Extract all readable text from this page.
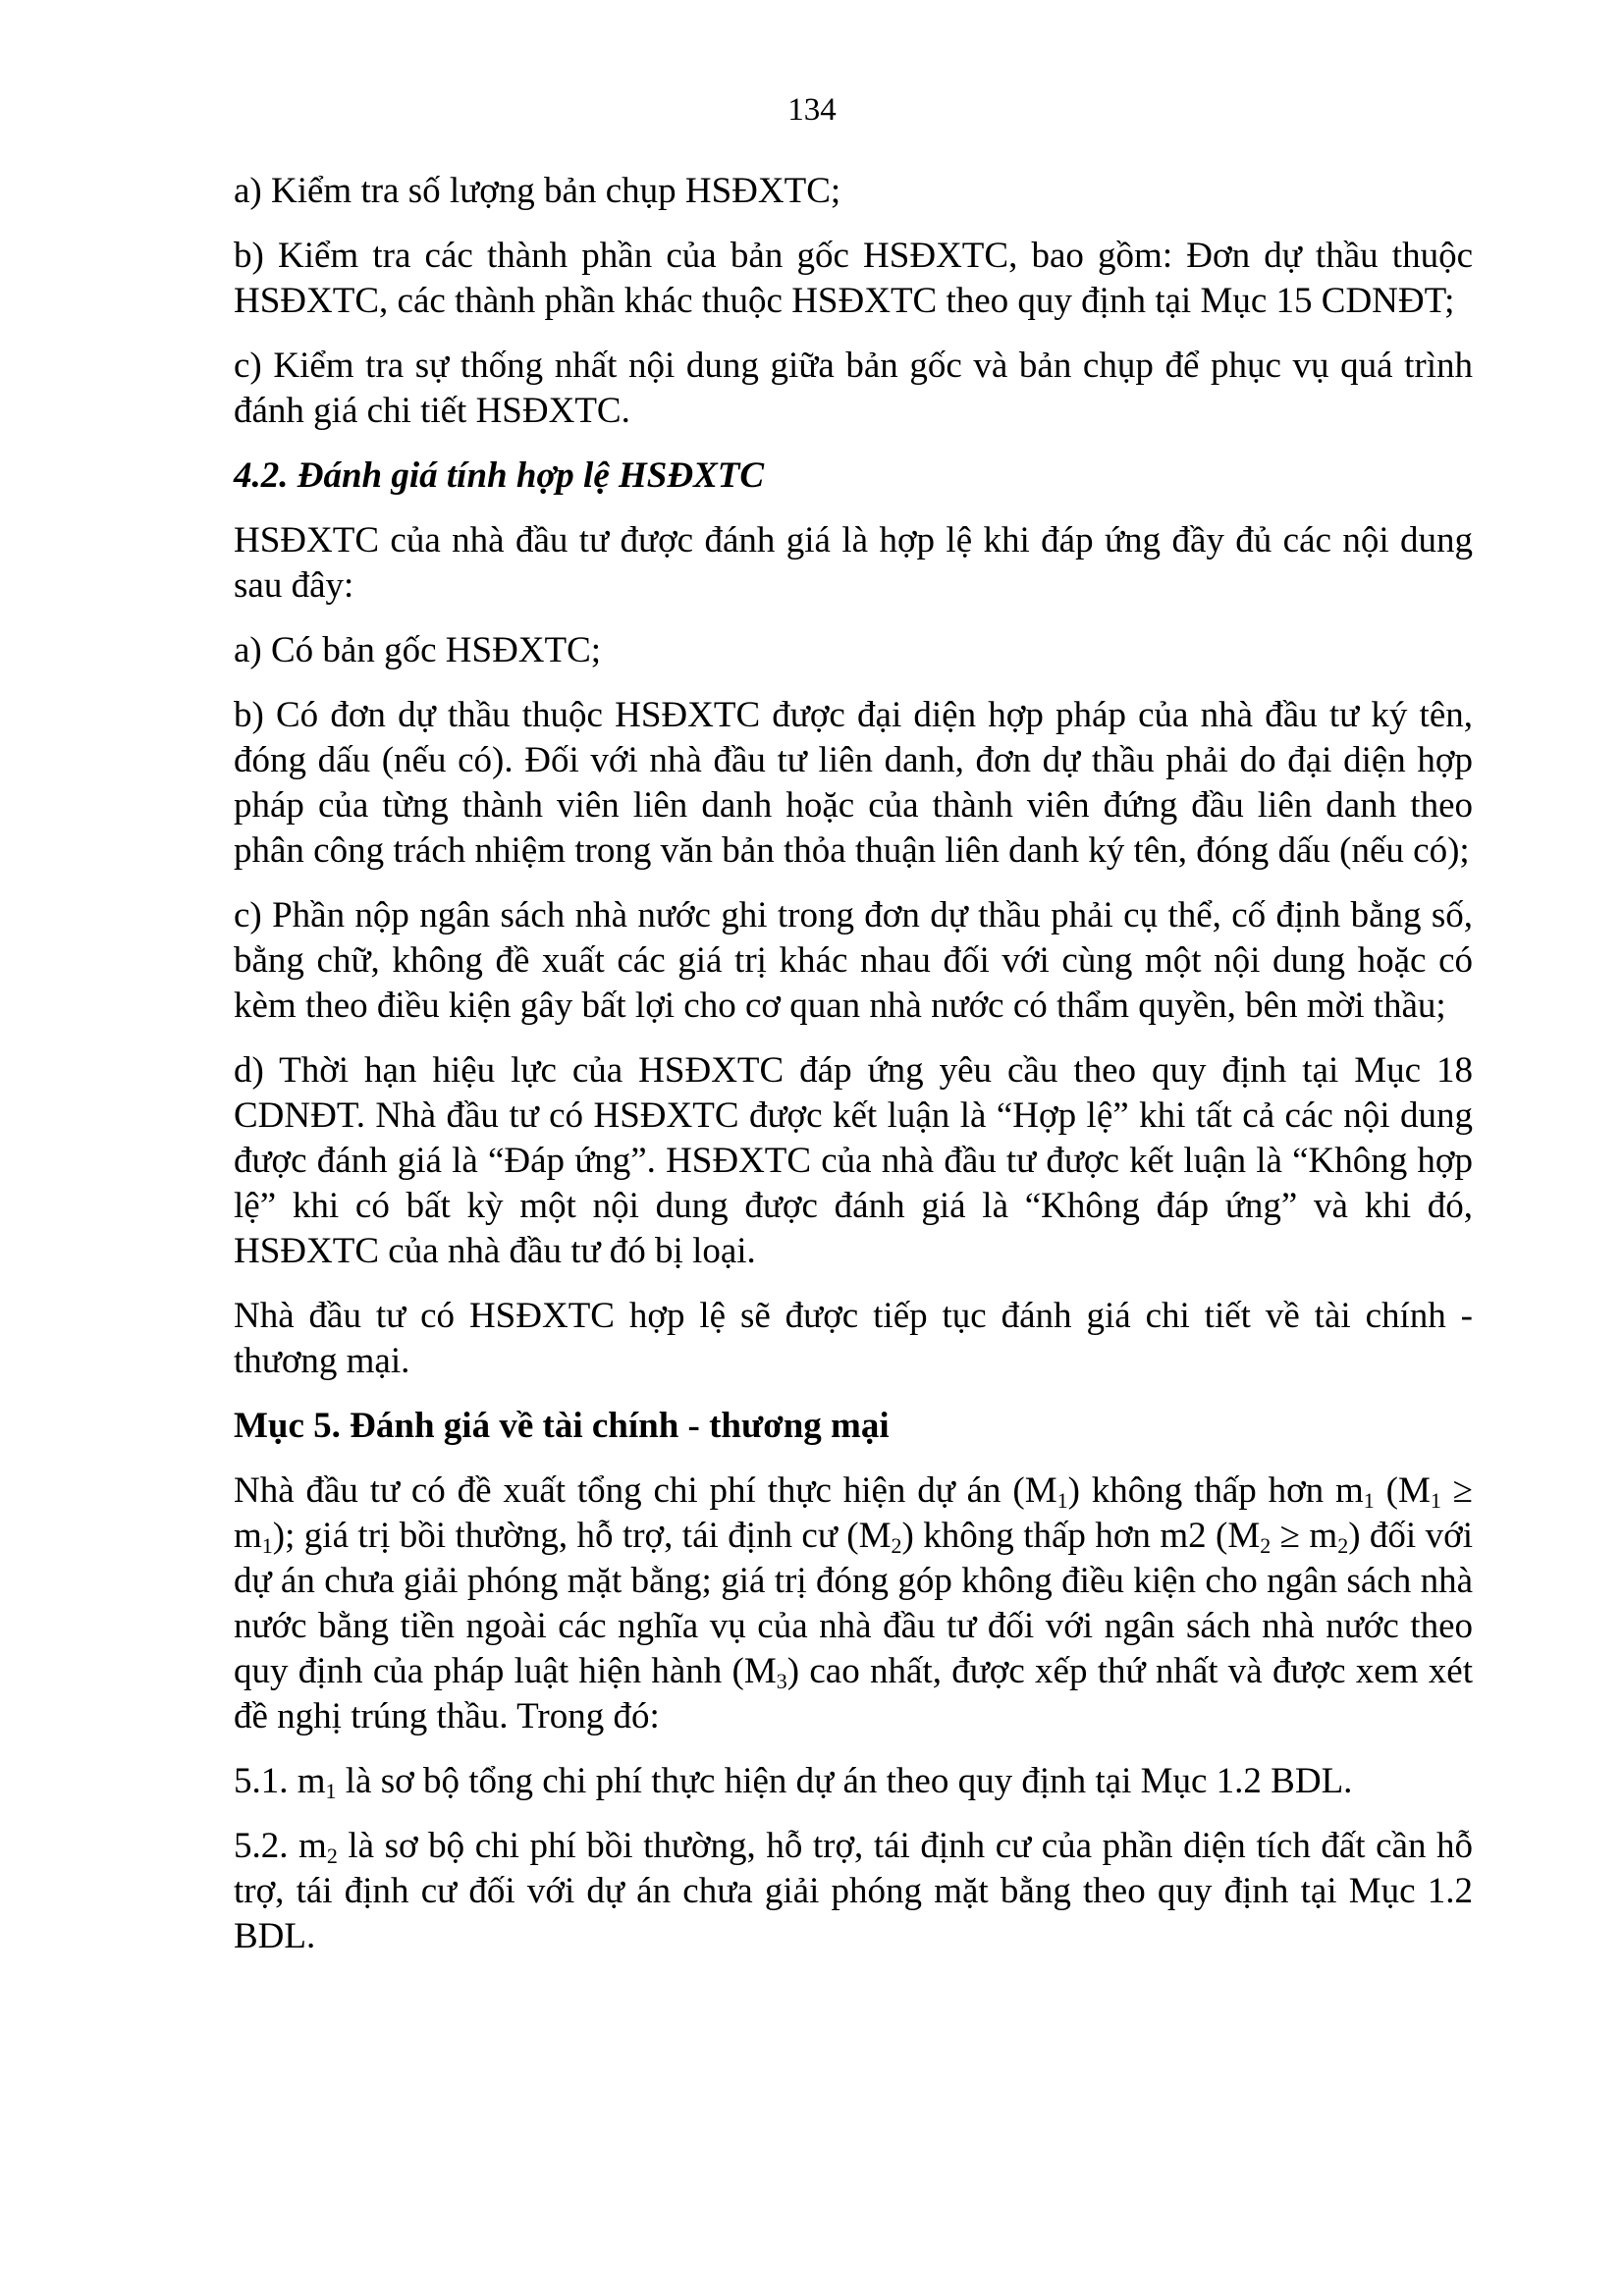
134

a) Kiểm tra số lượng bản chụp HSĐXTC;

b) Kiểm tra các thành phần của bản gốc HSĐXTC, bao gồm: Đơn dự thầu thuộc HSĐXTC, các thành phần khác thuộc HSĐXTC theo quy định tại Mục 15 CDNĐT;

c) Kiểm tra sự thống nhất nội dung giữa bản gốc và bản chụp để phục vụ quá trình đánh giá chi tiết HSĐXTC.

4.2. Đánh giá tính hợp lệ HSĐXTC

HSĐXTC của nhà đầu tư được đánh giá là hợp lệ khi đáp ứng đầy đủ các nội dung sau đây:

a) Có bản gốc HSĐXTC;

b) Có đơn dự thầu thuộc HSĐXTC được đại diện hợp pháp của nhà đầu tư ký tên, đóng dấu (nếu có). Đối với nhà đầu tư liên danh, đơn dự thầu phải do đại diện hợp pháp của từng thành viên liên danh hoặc của thành viên đứng đầu liên danh theo phân công trách nhiệm trong văn bản thỏa thuận liên danh ký tên, đóng dấu (nếu có);

c) Phần nộp ngân sách nhà nước ghi trong đơn dự thầu phải cụ thể, cố định bằng số, bằng chữ, không đề xuất các giá trị khác nhau đối với cùng một nội dung hoặc có kèm theo điều kiện gây bất lợi cho cơ quan nhà nước có thẩm quyền, bên mời thầu;

d) Thời hạn hiệu lực của HSĐXTC đáp ứng yêu cầu theo quy định tại Mục 18 CDNĐT. Nhà đầu tư có HSĐXTC được kết luận là “Hợp lệ” khi tất cả các nội dung được đánh giá là “Đáp ứng”. HSĐXTC của nhà đầu tư được kết luận là “Không hợp lệ” khi có bất kỳ một nội dung được đánh giá là “Không đáp ứng” và khi đó, HSĐXTC của nhà đầu tư đó bị loại.

Nhà đầu tư có HSĐXTC hợp lệ sẽ được tiếp tục đánh giá chi tiết về tài chính - thương mại.

Mục 5. Đánh giá về tài chính - thương mại

Nhà đầu tư có đề xuất tổng chi phí thực hiện dự án $(M_1)$ không thấp hơn $m_1$ $(M_1 \ge m_1)$; giá trị bồi thường, hỗ trợ, tái định cư $(M_2)$ không thấp hơn m2 $(M_2 \ge m_2)$ đối với dự án chưa giải phóng mặt bằng; giá trị đóng góp không điều kiện cho ngân sách nhà nước bằng tiền ngoài các nghĩa vụ của nhà đầu tư đối với ngân sách nhà nước theo quy định của pháp luật hiện hành $(M_3)$ cao nhất, được xếp thứ nhất và được xem xét đề nghị trúng thầu. Trong đó:

5.1. $m_1$ là sơ bộ tổng chi phí thực hiện dự án theo quy định tại Mục 1.2 BDL.

5.2. $m_2$ là sơ bộ chi phí bồi thường, hỗ trợ, tái định cư của phần diện tích đất cần hỗ trợ, tái định cư đối với dự án chưa giải phóng mặt bằng theo quy định tại Mục 1.2 BDL.
